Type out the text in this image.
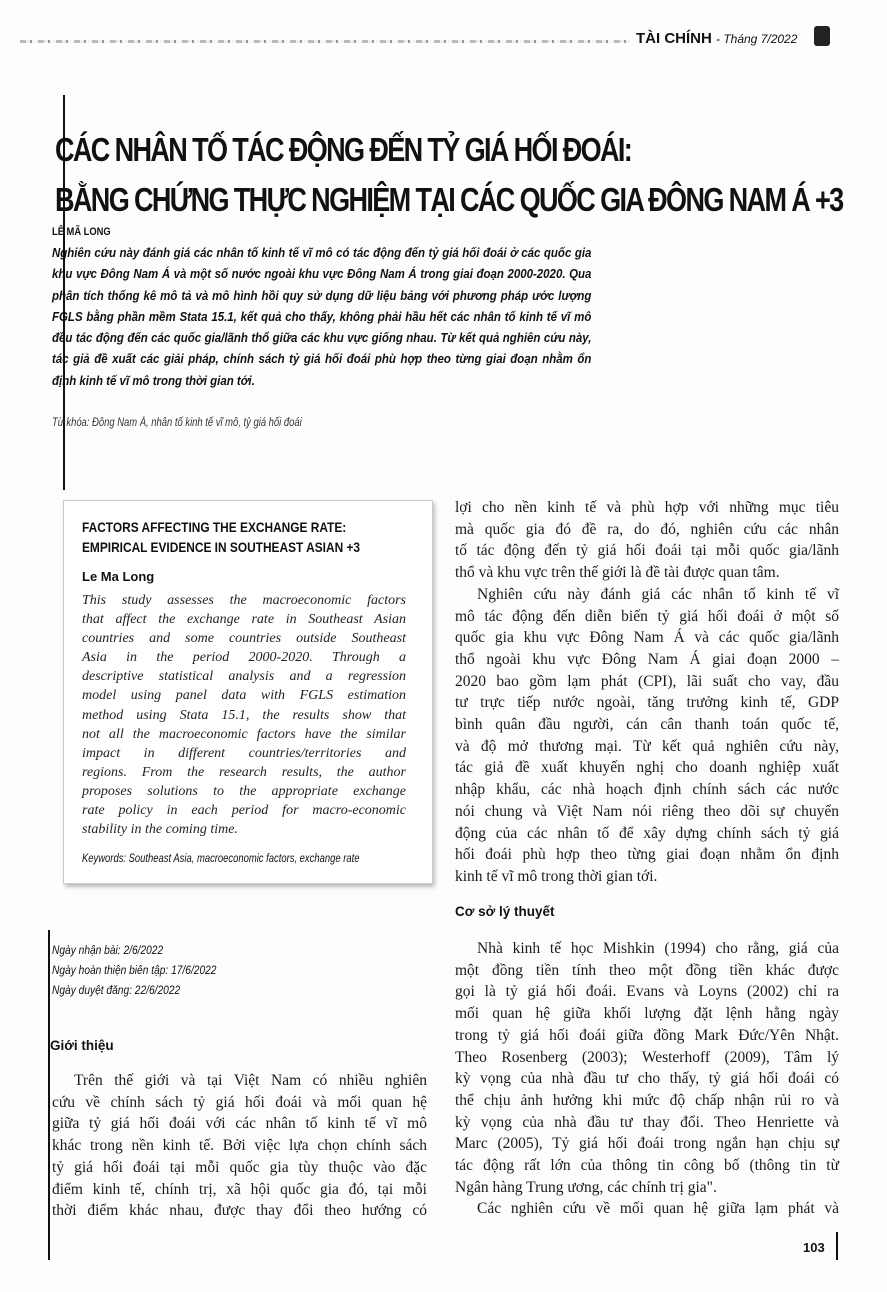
TÀI CHÍNH - Tháng 7/2022
CÁC NHÂN TỐ TÁC ĐỘNG ĐẾN TỶ GIÁ HỐI ĐOÁI:
BẰNG CHỨNG THỰC NGHIỆM TẠI CÁC QUỐC GIA ĐÔNG NAM Á +3
LÊ MÃ LONG
Nghiên cứu này đánh giá các nhân tố kinh tế vĩ mô có tác động đến tỷ giá hối đoái ở các quốc gia
khu vực Đông Nam Á và một số nước ngoài khu vực Đông Nam Á trong giai đoạn 2000-2020. Qua
phân tích thống kê mô tả và mô hình hồi quy sử dụng dữ liệu bảng với phương pháp ước lượng
FGLS bằng phần mềm Stata 15.1, kết quả cho thấy, không phải hầu hết các nhân tố kinh tế vĩ mô
đều tác động đến các quốc gia/lãnh thổ giữa các khu vực giống nhau. Từ kết quả nghiên cứu này,
tác giả đề xuất các giải pháp, chính sách tỷ giá hối đoái phù hợp theo từng giai đoạn nhằm ổn
định kinh tế vĩ mô trong thời gian tới.
Từ khóa: Đông Nam Á, nhân tố kinh tế vĩ mô, tỷ giá hối đoái
FACTORS AFFECTING THE EXCHANGE RATE:
EMPIRICAL EVIDENCE IN SOUTHEAST ASIAN +3
Le Ma Long
This study assesses the macroeconomic factors
that affect the exchange rate in Southeast Asian
countries and some countries outside Southeast
Asia in the period 2000-2020. Through a
descriptive statistical analysis and a regression
model using panel data with FGLS estimation
method using Stata 15.1, the results show that
not all the macroeconomic factors have the similar
impact in different countries/territories and
regions. From the research results, the author
proposes solutions to the appropriate exchange
rate policy in each period for macro-economic
stability in the coming time.
Keywords: Southeast Asia, macroeconomic factors, exchange rate
Ngày nhận bài: 2/6/2022
Ngày hoàn thiện biên tập: 17/6/2022
Ngày duyệt đăng: 22/6/2022
Giới thiệu
Trên thế giới và tại Việt Nam có nhiều nghiên
cứu về chính sách tỷ giá hối đoái và mối quan hệ
giữa tỷ giá hối đoái với các nhân tố kinh tế vĩ mô
khác trong nền kinh tế. Bởi việc lựa chọn chính sách
tỷ giá hối đoái tại mỗi quốc gia tùy thuộc vào đặc
điểm kinh tế, chính trị, xã hội quốc gia đó, tại mỗi
thời điểm khác nhau, được thay đổi theo hướng có
lợi cho nền kinh tế và phù hợp với những mục tiêu
mà quốc gia đó đề ra, do đó, nghiên cứu các nhân
tố tác động đến tỷ giá hối đoái tại mỗi quốc gia/lãnh
thổ và khu vực trên thế giới là đề tài được quan tâm.
Nghiên cứu này đánh giá các nhân tố kinh tế vĩ
mô tác động đến diễn biến tỷ giá hối đoái ở một số
quốc gia khu vực Đông Nam Á và các quốc gia/lãnh
thổ ngoài khu vực Đông Nam Á giai đoạn 2000 –
2020 bao gồm lạm phát (CPI), lãi suất cho vay, đầu
tư trực tiếp nước ngoài, tăng trưởng kinh tế, GDP
bình quân đầu người, cán cân thanh toán quốc tế,
và độ mở thương mại. Từ kết quả nghiên cứu này,
tác giả đề xuất khuyến nghị cho doanh nghiệp xuất
nhập khẩu, các nhà hoạch định chính sách các nước
nói chung và Việt Nam nói riêng theo dõi sự chuyển
động của các nhân tố để xây dựng chính sách tỷ giá
hối đoái phù hợp theo từng giai đoạn nhằm ổn định
kinh tế vĩ mô trong thời gian tới.
Cơ sở lý thuyết
Nhà kinh tế học Mishkin (1994) cho rằng, giá của
một đồng tiền tính theo một đồng tiền khác được
gọi là tỷ giá hối đoái. Evans và Loyns (2002) chỉ ra
mối quan hệ giữa khối lượng đặt lệnh hằng ngày
trong tỷ giá hối đoái giữa đồng Mark Đức/Yên Nhật.
Theo Rosenberg (2003); Westerhoff (2009), Tâm lý
kỳ vọng của nhà đầu tư cho thấy, tỷ giá hối đoái có
thể chịu ảnh hưởng khi mức độ chấp nhận rủi ro và
kỳ vọng của nhà đầu tư thay đổi. Theo Henriette và
Marc (2005), Tỷ giá hối đoái trong ngắn hạn chịu sự
tác động rất lớn của thông tin công bố (thông tin từ
Ngân hàng Trung ương, các chính trị gia".
Các nghiên cứu về mối quan hệ giữa lạm phát và
103
